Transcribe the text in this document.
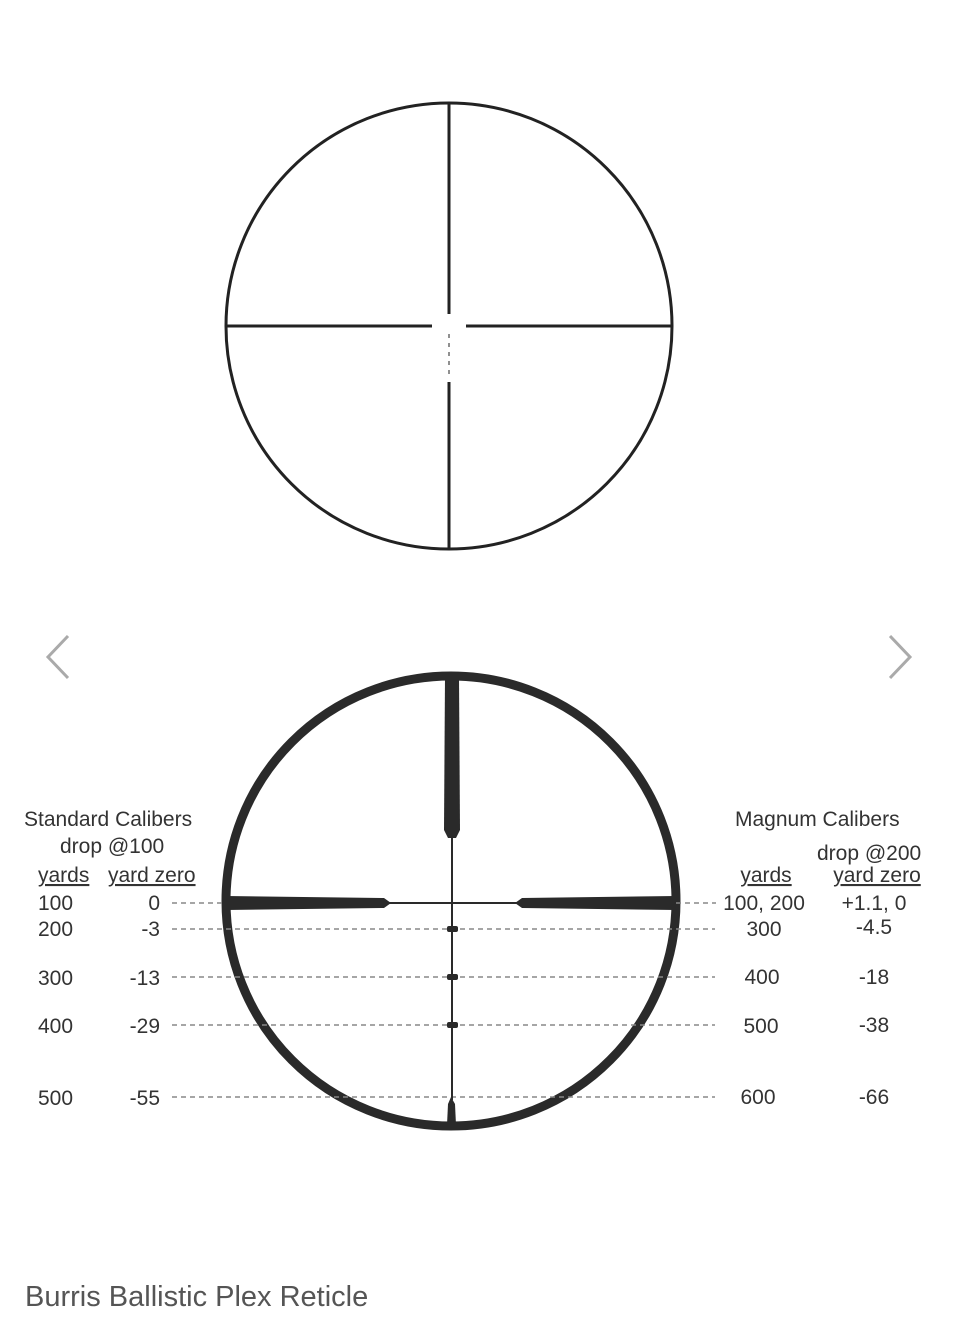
Standard Calibers
drop @100
yards yard zero
100	0
200	-3
300	-13
400	-29
500	-55
Magnum Calibers
drop @200
yards yard zero
100, 200 +1.1, 0
300	-4.5
400	-18
500	-38
600	-66

Burris Ballistic Plex Reticle
